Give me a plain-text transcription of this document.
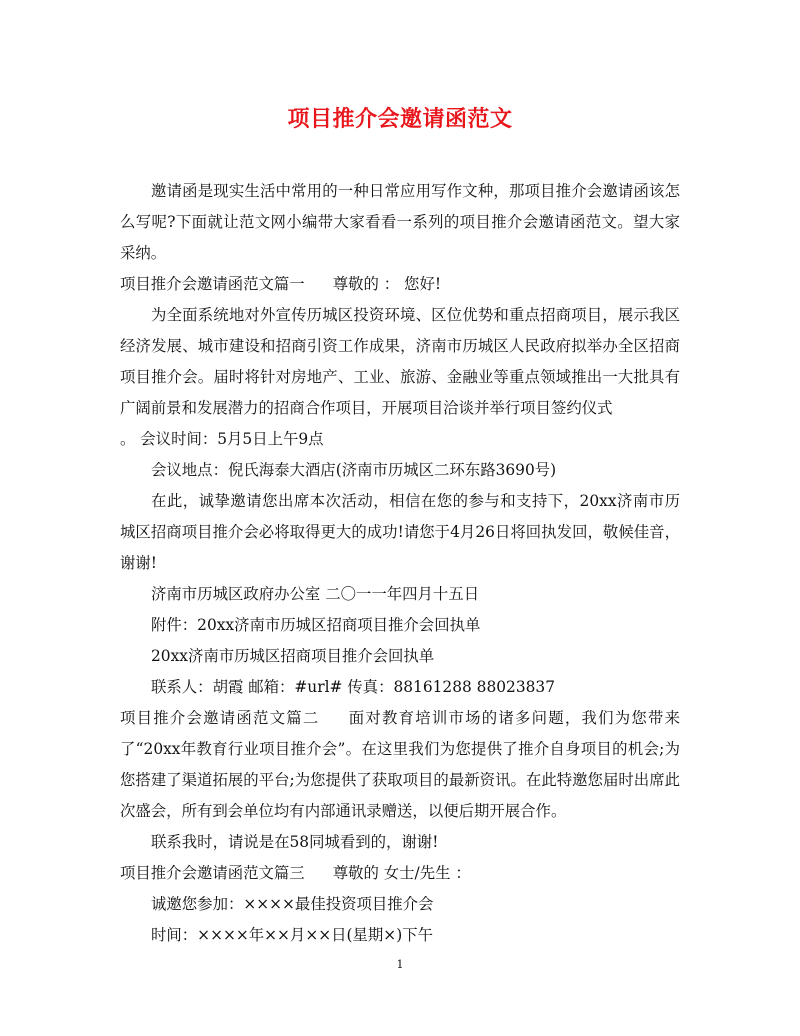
项目推介会邀请函范文

邀请函是现实生活中常用的一种日常应用写作文种，那项目推介会邀请函该怎么写呢?下面就让范文网小编带大家看看一系列的项目推介会邀请函范文。望大家采纳。

项目推介会邀请函范文篇一 尊敬的 ： 您好!

为全面系统地对外宣传历城区投资环境、区位优势和重点招商项目，展示我区经济发展、城市建设和招商引资工作成果，济南市历城区人民政府拟举办全区招商项目推介会。届时将针对房地产、工业、旅游、金融业等重点领域推出一大批具有广阔前景和发展潜力的招商合作项目，开展项目洽谈并举行项目签约仪式

。 会议时间：5月5日上午9点

会议地点：倪氏海泰大酒店(济南市历城区二环东路3690号)

在此，诚挚邀请您出席本次活动，相信在您的参与和支持下，20xx济南市历城区招商项目推介会必将取得更大的成功!请您于4月26日将回执发回，敬候佳音，谢谢!

济南市历城区政府办公室 二〇一一年四月十五日

附件：20xx济南市历城区招商项目推介会回执单

20xx济南市历城区招商项目推介会回执单

联系人：胡霞 邮箱：#url# 传真：88161288 88023837

项目推介会邀请函范文篇二 面对教育培训市场的诸多问题，我们为您带来了“20xx年教育行业项目推介会”。在这里我们为您提供了推介自身项目的机会;为您搭建了渠道拓展的平台;为您提供了获取项目的最新资讯。在此特邀您届时出席此次盛会，所有到会单位均有内部通讯录赠送，以便后期开展合作。

联系我时，请说是在58同城看到的，谢谢!

项目推介会邀请函范文篇三 尊敬的 女士/先生 ：

诚邀您参加：××××最佳投资项目推介会

时间：××××年××月××日(星期×)下午

1
